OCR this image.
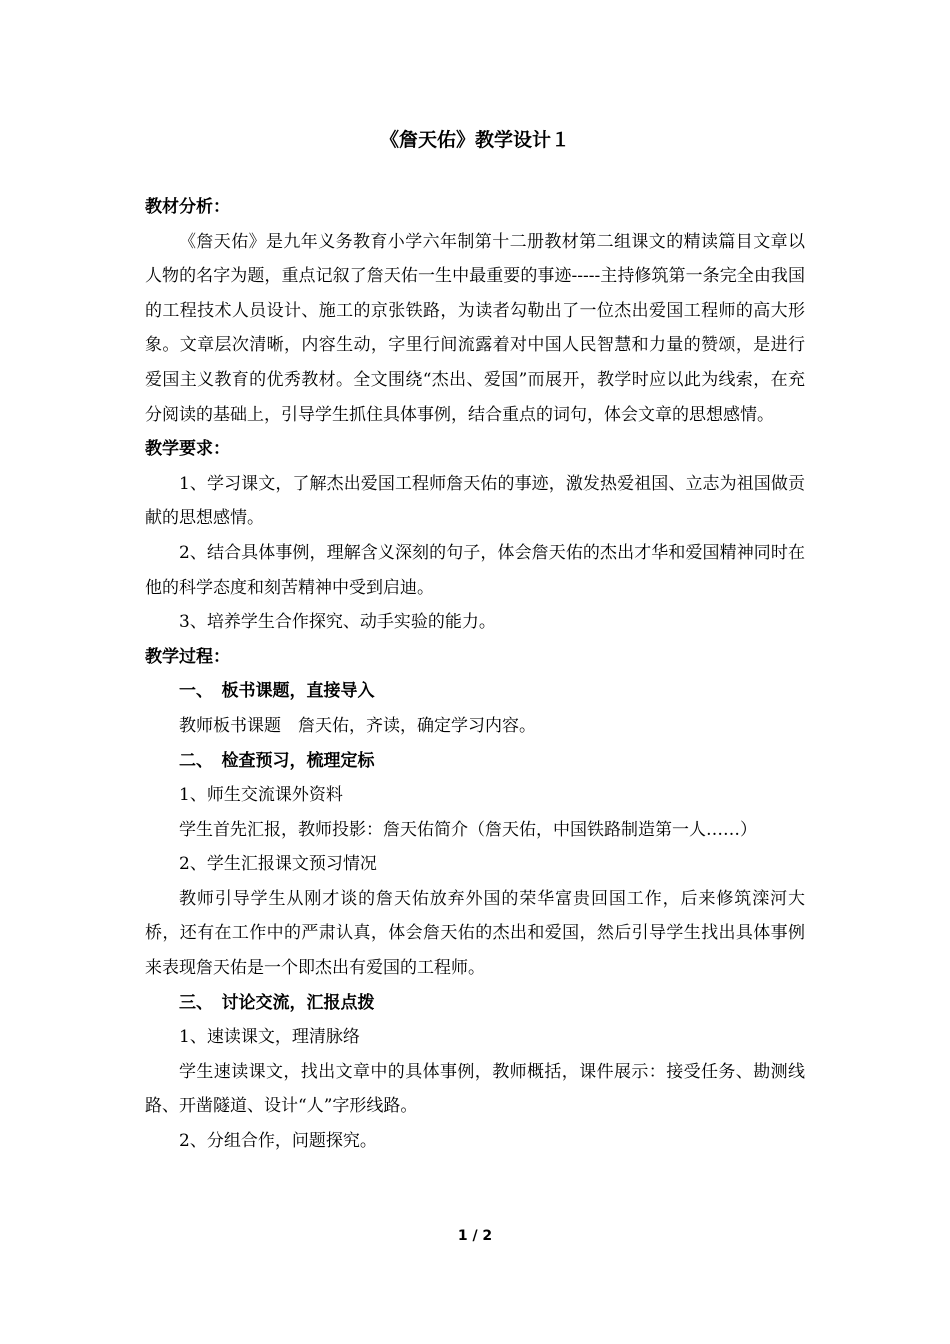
《詹天佑》教学设计１

教材分析：

《詹天佑》是九年义务教育小学六年制第十二册教材第二组课文的精读篇目文章以人物的名字为题，重点记叙了詹天佑一生中最重要的事迹-----主持修筑第一条完全由我国的工程技术人员设计、施工的京张铁路，为读者勾勒出了一位杰出爱国工程师的高大形象。文章层次清晰，内容生动，字里行间流露着对中国人民智慧和力量的赞颂，是进行爱国主义教育的优秀教材。全文围绕“杰出、爱国”而展开，教学时应以此为线索，在充分阅读的基础上，引导学生抓住具体事例，结合重点的词句，体会文章的思想感情。

教学要求：

1、学习课文，了解杰出爱国工程师詹天佑的事迹，激发热爱祖国、立志为祖国做贡献的思想感情。

2、结合具体事例，理解含义深刻的句子，体会詹天佑的杰出才华和爱国精神同时在他的科学态度和刻苦精神中受到启迪。

3、培养学生合作探究、动手实验的能力。

教学过程：

一、　板书课题，直接导入

教师板书课题　詹天佑，齐读，确定学习内容。

二、　检查预习，梳理定标

1、师生交流课外资料

学生首先汇报，教师投影：詹天佑简介（詹天佑，中国铁路制造第一人……）

2、学生汇报课文预习情况

教师引导学生从刚才谈的詹天佑放弃外国的荣华富贵回国工作，后来修筑滦河大桥，还有在工作中的严肃认真，体会詹天佑的杰出和爱国，然后引导学生找出具体事例来表现詹天佑是一个即杰出有爱国的工程师。

三、　讨论交流，汇报点拨

1、速读课文，理清脉络

学生速读课文，找出文章中的具体事例，教师概括，课件展示：接受任务、勘测线路、开凿隧道、设计“人”字形线路。

2、分组合作，问题探究。

1 / 2
